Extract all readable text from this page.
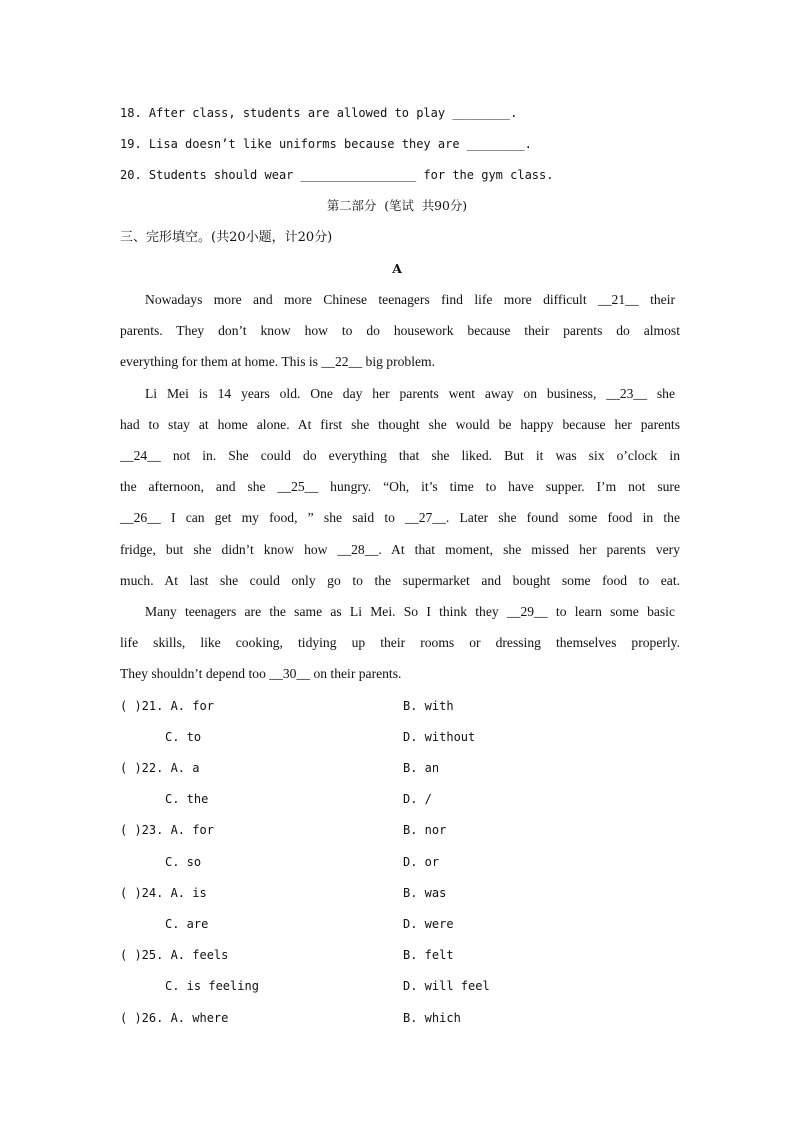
18. After class, students are allowed to play ________.
19. Lisa doesn’t like uniforms because they are ________.
20. Students should wear ________________ for the gym class.
第二部分  (笔试  共90分)
三、完形填空。(共20小题，计20分)
A
Nowadays more and more Chinese teenagers find life more difficult __21__ their
parents. They don’t know how to do housework because their parents do almost
everything for them at home. This is __22__ big problem.
Li Mei is 14 years old. One day her parents went away on business, __23__ she
had to stay at home alone. At first she thought she would be happy because her parents
__24__ not in. She could do everything that she liked. But it was six o’clock in
the afternoon, and she __25__ hungry. “Oh, it’s time to have supper. I’m not sure
__26__ I can get my food, ” she said to __27__. Later she found some food in the
fridge, but she didn’t know how __28__. At that moment, she missed her parents very
much. At last she could only go to the supermarket and bought some food to eat.
Many teenagers are the same as Li Mei. So I think they __29__ to learn some basic
life skills, like cooking, tidying up their rooms or dressing themselves properly.
They shouldn’t depend too __30__ on their parents.
( )21. A. for	B. with
C. to	D. without
( )22. A. a	B. an
C. the	D. /
( )23. A. for	B. nor
C. so	D. or
( )24. A. is	B. was
C. are	D. were
( )25. A. feels	B. felt
C. is feeling	D. will feel
( )26. A. where	B. which
